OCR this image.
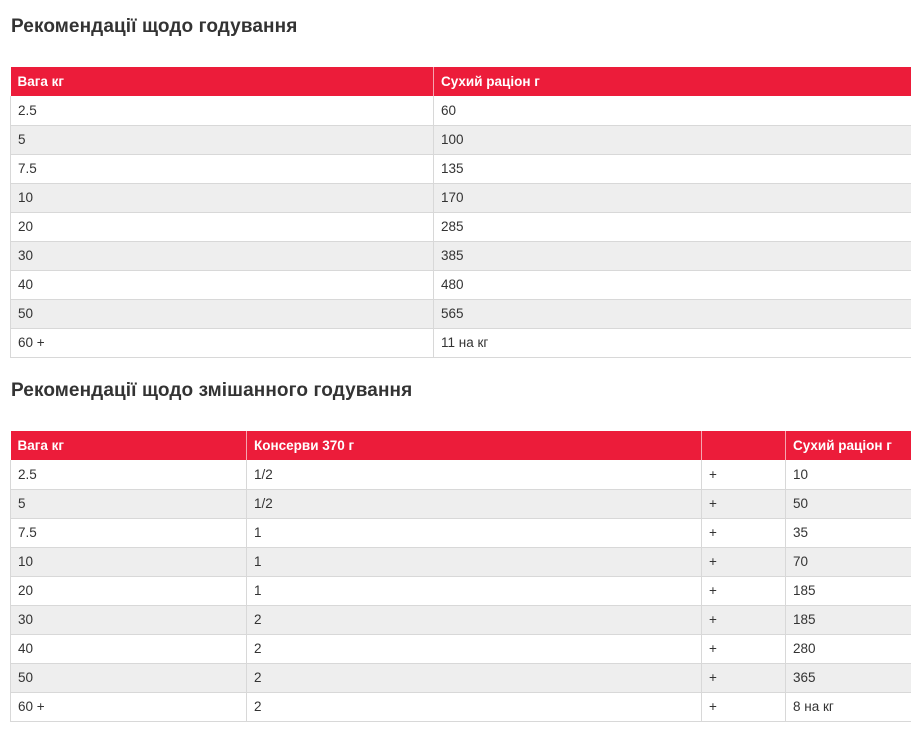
Рекомендації щодо годування
Вага кг	Сухий раціон г
2.5	60
5	100
7.5	135
10	170
20	285
30	385
40	480
50	565
60 +	11 на кг
Рекомендації щодо змішанного годування
Вага кг	Консерви 370 г		Сухий раціон г
2.5	1/2	+	10
5	1/2	+	50
7.5	1	+	35
10	1	+	70
20	1	+	185
30	2	+	185
40	2	+	280
50	2	+	365
60 +	2	+	8 на кг
